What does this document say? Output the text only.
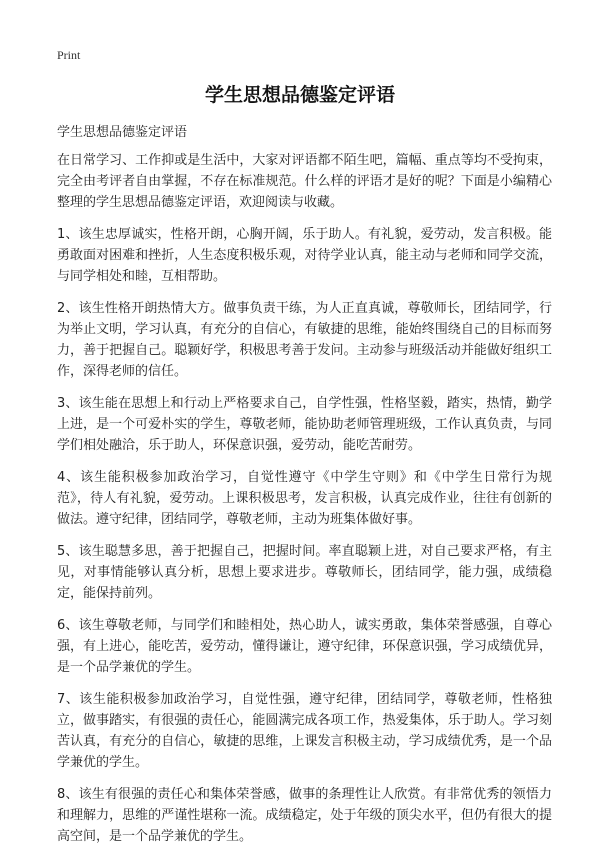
Print
学生思想品德鉴定评语

学生思想品德鉴定评语

在日常学习、工作抑或是生活中，大家对评语都不陌生吧，篇幅、重点等均不受拘束，完全由考评者自由掌握，不存在标准规范。什么样的评语才是好的呢？下面是小编精心整理的学生思想品德鉴定评语，欢迎阅读与收藏。

1、该生忠厚诚实，性格开朗，心胸开阔，乐于助人。有礼貌，爱劳动，发言积极。能勇敢面对困难和挫折，人生态度积极乐观，对待学业认真，能主动与老师和同学交流，与同学相处和睦，互相帮助。

2、该生性格开朗热情大方。做事负责干练，为人正直真诚，尊敬师长，团结同学，行为举止文明，学习认真，有充分的自信心，有敏捷的思维，能始终围绕自己的目标而努力，善于把握自己。聪颖好学，积极思考善于发问。主动参与班级活动并能做好组织工作，深得老师的信任。

3、该生能在思想上和行动上严格要求自己，自学性强，性格坚毅，踏实，热情，勤学上进，是一个可爱朴实的学生，尊敬老师，能协助老师管理班级，工作认真负责，与同学们相处融洽，乐于助人，环保意识强，爱劳动，能吃苦耐劳。

4、该生能积极参加政治学习，自觉性遵守《中学生守则》和《中学生日常行为规范》，待人有礼貌，爱劳动。上课积极思考，发言积极，认真完成作业，往往有创新的做法。遵守纪律，团结同学，尊敬老师，主动为班集体做好事。

5、该生聪慧多思，善于把握自己，把握时间。率直聪颖上进，对自己要求严格，有主见，对事情能够认真分析，思想上要求进步。尊敬师长，团结同学，能力强，成绩稳定，能保持前列。

6、该生尊敬老师，与同学们和睦相处，热心助人，诚实勇敢，集体荣誉感强，自尊心强，有上进心，能吃苦，爱劳动，懂得谦让，遵守纪律，环保意识强，学习成绩优异，是一个品学兼优的学生。

7、该生能积极参加政治学习，自觉性强，遵守纪律，团结同学，尊敬老师，性格独立，做事踏实，有很强的责任心，能圆满完成各项工作，热爱集体，乐于助人。学习刻苦认真，有充分的自信心，敏捷的思维，上课发言积极主动，学习成绩优秀，是一个品学兼优的学生。

8、该生有很强的责任心和集体荣誉感，做事的条理性让人欣赏。有非常优秀的领悟力和理解力，思维的严谨性堪称一流。成绩稳定，处于年级的顶尖水平，但仍有很大的提高空间，是一个品学兼优的学生。
